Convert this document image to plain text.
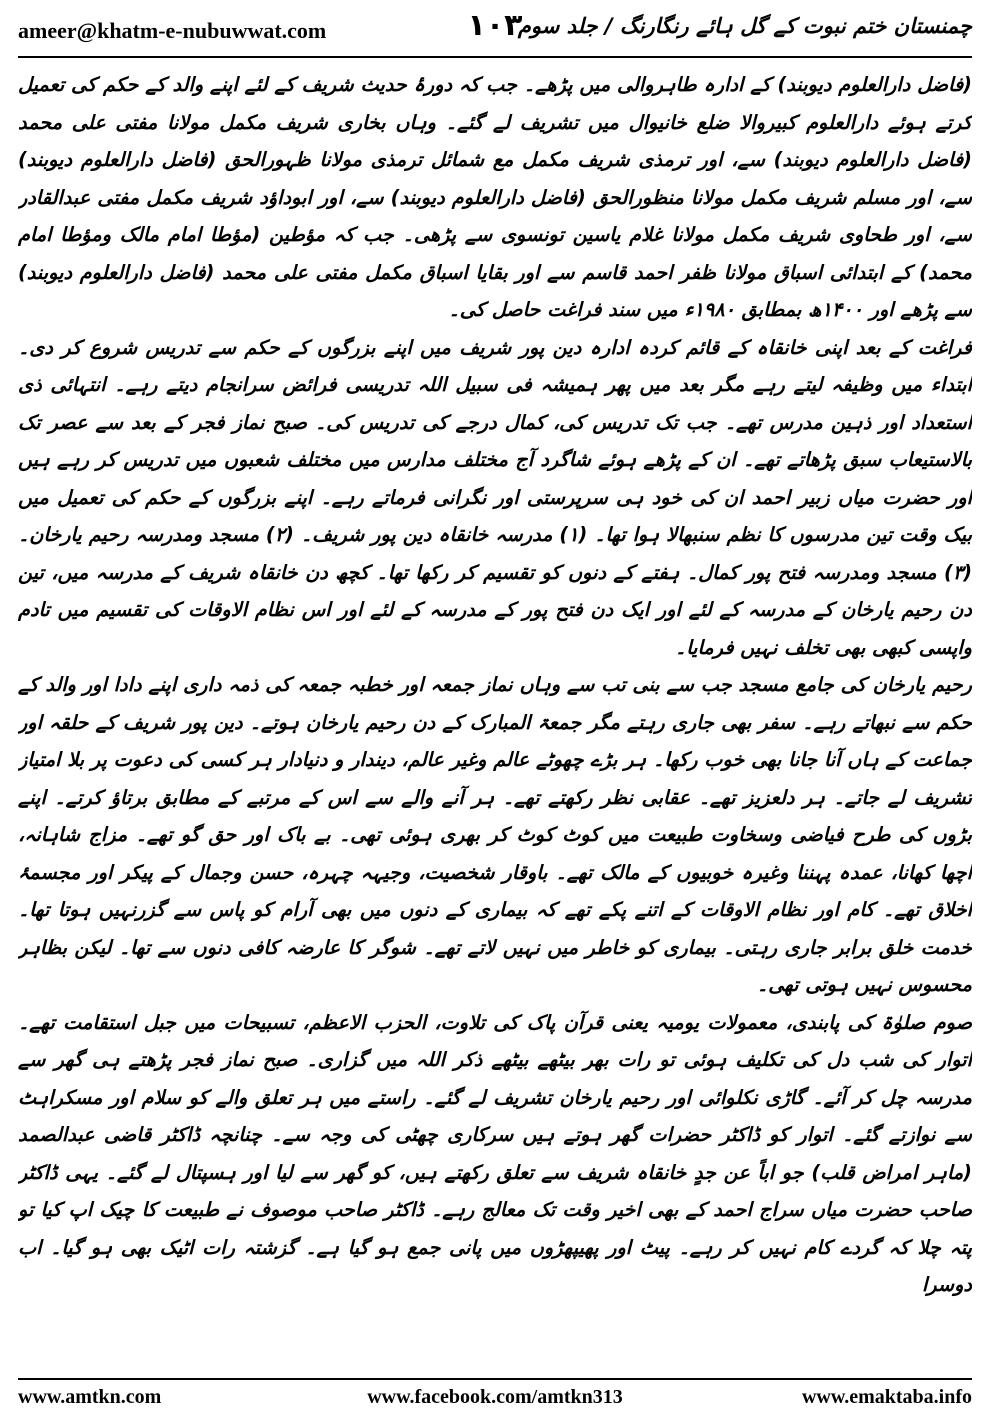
ameer@khatm-e-nubuwwat.com	۱۰۳
چمنستان ختم نبوت کے گل ہائے رنگارنگ / جلد سوم

(فاضل دارالعلوم دیوبند) کے ادارہ طاہروالی میں پڑھے۔ جب کہ دورۂ حدیث شریف کے لئے اپنے والد کے حکم کی تعمیل کرتے ہوئے دارالعلوم کبیروالا ضلع خانیوال میں تشریف لے گئے۔ وہاں بخاری شریف مکمل مولانا مفتی علی محمد (فاضل دارالعلوم دیوبند) سے، اور ترمذی شریف مکمل مع شمائل ترمذی مولانا ظہورالحق (فاضل دارالعلوم دیوبند) سے، اور مسلم شریف مکمل مولانا منظورالحق (فاضل دارالعلوم دیوبند) سے، اور ابوداؤد شریف مکمل مفتی عبدالقادر سے، اور طحاوی شریف مکمل مولانا غلام یاسین تونسوی سے پڑھی۔ جب کہ مؤطین (مؤطا امام مالک ومؤطا امام محمد) کے ابتدائی اسباق مولانا ظفر احمد قاسم سے اور بقایا اسباق مکمل مفتی علی محمد (فاضل دارالعلوم دیوبند) سے پڑھے اور ۱۴۰۰ھ بمطابق ۱۹۸۰ء میں سند فراغت حاصل کی۔

فراغت کے بعد اپنی خانقاہ کے قائم کردہ ادارہ دین پور شریف میں اپنے بزرگوں کے حکم سے تدریس شروع کر دی۔ ابتداء میں وظیفہ لیتے رہے مگر بعد میں پھر ہمیشہ فی سبیل اللہ تدریسی فرائض سرانجام دیتے رہے۔ انتہائی ذی استعداد اور ذہین مدرس تھے۔ جب تک تدریس کی، کمال درجے کی تدریس کی۔ صبح نماز فجر کے بعد سے عصر تک بالاستیعاب سبق پڑھاتے تھے۔ ان کے پڑھے ہوئے شاگرد آج مختلف مدارس میں مختلف شعبوں میں تدریس کر رہے ہیں اور حضرت میاں زبیر احمد ان کی خود ہی سرپرستی اور نگرانی فرماتے رہے۔ اپنے بزرگوں کے حکم کی تعمیل میں بیک وقت تین مدرسوں کا نظم سنبھالا ہوا تھا۔ (۱) مدرسہ خانقاہ دین پور شریف۔ (۲) مسجد ومدرسہ رحیم یارخان۔ (۳) مسجد ومدرسہ فتح پور کمال۔ ہفتے کے دنوں کو تقسیم کر رکھا تھا۔ کچھ دن خانقاہ شریف کے مدرسہ میں، تین دن رحیم یارخان کے مدرسہ کے لئے اور ایک دن فتح پور کے مدرسہ کے لئے اور اس نظام الاوقات کی تقسیم میں تادم واپسی کبھی بھی تخلف نہیں فرمایا۔

رحیم یارخان کی جامع مسجد جب سے بنی تب سے وہاں نماز جمعہ اور خطبہ جمعہ کی ذمہ داری اپنے دادا اور والد کے حکم سے نبھاتے رہے۔ سفر بھی جاری رہتے مگر جمعۃ المبارک کے دن رحیم یارخان ہوتے۔ دین پور شریف کے حلقہ اور جماعت کے ہاں آنا جانا بھی خوب رکھا۔ ہر بڑے چھوٹے عالم وغیر عالم، دیندار و دنیادار ہر کسی کی دعوت پر بلا امتیاز تشریف لے جاتے۔ ہر دلعزیز تھے۔ عقابی نظر رکھتے تھے۔ ہر آنے والے سے اس کے مرتبے کے مطابق برتاؤ کرتے۔ اپنے بڑوں کی طرح فیاضی وسخاوت طبیعت میں کوٹ کوٹ کر بھری ہوئی تھی۔ بے باک اور حق گو تھے۔ مزاج شاہانہ، اچھا کھانا، عمدہ پہننا وغیرہ خوبیوں کے مالک تھے۔ باوقار شخصیت، وجیہہ چہرہ، حسن وجمال کے پیکر اور مجسمۂ اخلاق تھے۔ کام اور نظام الاوقات کے اتنے پکے تھے کہ بیماری کے دنوں میں بھی آرام کو پاس سے گزرنہیں ہوتا تھا۔ خدمت خلق برابر جاری رہتی۔ بیماری کو خاطر میں نہیں لاتے تھے۔ شوگر کا عارضہ کافی دنوں سے تھا۔ لیکن بظاہر محسوس نہیں ہوتی تھی۔

صوم صلوٰۃ کی پابندی، معمولات یومیہ یعنی قرآن پاک کی تلاوت، الحزب الاعظم، تسبیحات میں جبل استقامت تھے۔ اتوار کی شب دل کی تکلیف ہوئی تو رات بھر بیٹھے بیٹھے ذکر اللہ میں گزاری۔ صبح نماز فجر پڑھتے ہی گھر سے مدرسہ چل کر آئے۔ گاڑی نکلوائی اور رحیم یارخان تشریف لے گئے۔ راستے میں ہر تعلق والے کو سلام اور مسکراہٹ سے نوازتے گئے۔ اتوار کو ڈاکٹر حضرات گھر ہوتے ہیں سرکاری چھٹی کی وجہ سے۔ چنانچہ ڈاکٹر قاضی عبدالصمد (ماہر امراض قلب) جو اباً عن جدٍ خانقاہ شریف سے تعلق رکھتے ہیں، کو گھر سے لیا اور ہسپتال لے گئے۔ یہی ڈاکٹر صاحب حضرت میاں سراج احمد کے بھی اخیر وقت تک معالج رہے۔ ڈاکٹر صاحب موصوف نے طبیعت کا چیک اپ کیا تو پتہ چلا کہ گردے کام نہیں کر رہے۔ پیٹ اور پھیپھڑوں میں پانی جمع ہو گیا ہے۔ گزشتہ رات اٹیک بھی ہو گیا۔ اب دوسرا

www.amtkn.com	www.facebook.com/amtkn313	www.emaktaba.info
